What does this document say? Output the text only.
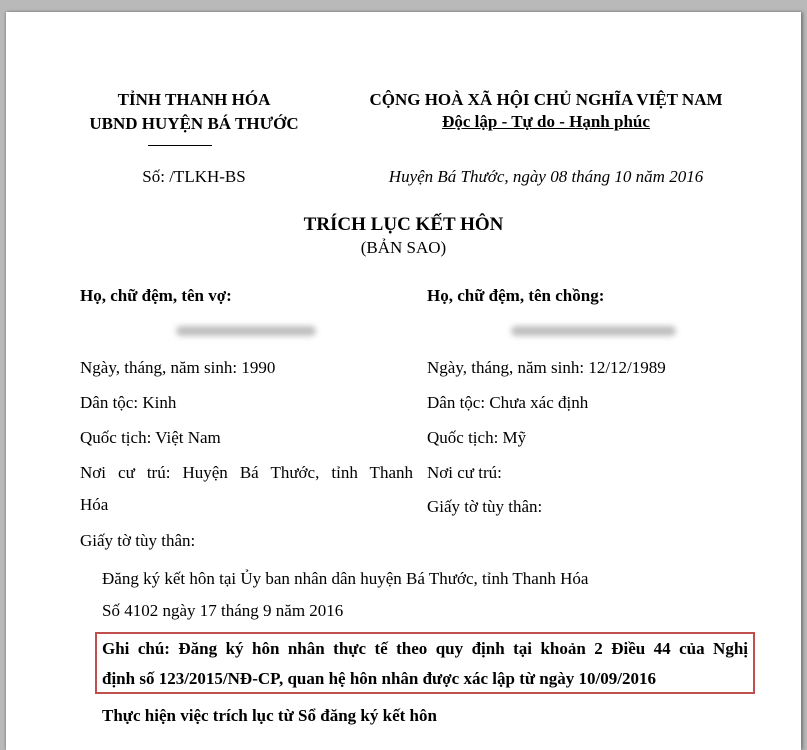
TỈNH THANH HÓA
UBND HUYỆN BÁ THƯỚC
Số: /TLKH-BS
CỘNG HOÀ XÃ HỘI CHỦ NGHĨA VIỆT NAM
Độc lập - Tự do - Hạnh phúc
Huyện Bá Thước, ngày 08 tháng 10 năm 2016
TRÍCH LỤC KẾT HÔN
(BẢN SAO)
Họ, chữ đệm, tên vợ:
Ngày, tháng, năm sinh: 1990
Dân tộc: Kinh
Quốc tịch: Việt Nam
Nơi cư trú: Huyện Bá Thước, tỉnh Thanh
Hóa
Giấy tờ tùy thân:
Họ, chữ đệm, tên chồng:
Ngày, tháng, năm sinh: 12/12/1989
Dân tộc: Chưa xác định
Quốc tịch: Mỹ
Nơi cư trú:
Giấy tờ tùy thân:
Đăng ký kết hôn tại Ủy ban nhân dân huyện Bá Thước, tỉnh Thanh Hóa
Số 4102 ngày 17 tháng 9 năm 2016
Ghi chú: Đăng ký hôn nhân thực tế theo quy định tại khoản 2 Điều 44 của Nghị
định số 123/2015/NĐ-CP, quan hệ hôn nhân được xác lập từ ngày 10/09/2016
Thực hiện việc trích lục từ Sổ đăng ký kết hôn
